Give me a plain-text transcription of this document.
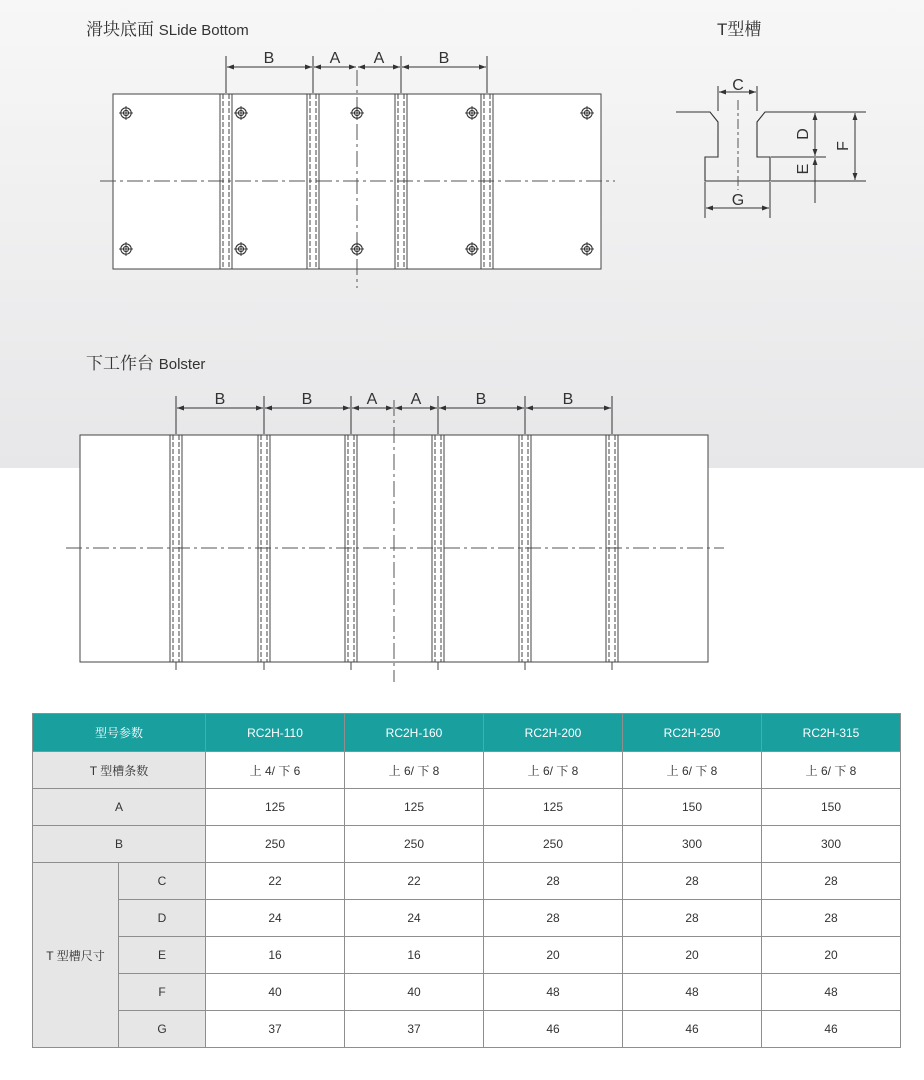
滑块底面 SLide Bottom	T型槽
下工作台 Bolster
B	A A	B
C
D
E
F
G
B	B	A A	B	B
型号参数		RC2H-110	RC2H-160	RC2H-200	RC2H-250	RC2H-315
T 型槽条数		上 4/ 下 6	上 6/ 下 8	上 6/ 下 8	上 6/ 下 8	上 6/ 下 8
A		125	125	125	150	150
B		250	250	250	300	300
T 型槽尺寸	C	22	22	28	28	28
	D	24	24	28	28	28
	E	16	16	20	20	20
	F	40	40	48	48	48
	G	37	37	46	46	46
